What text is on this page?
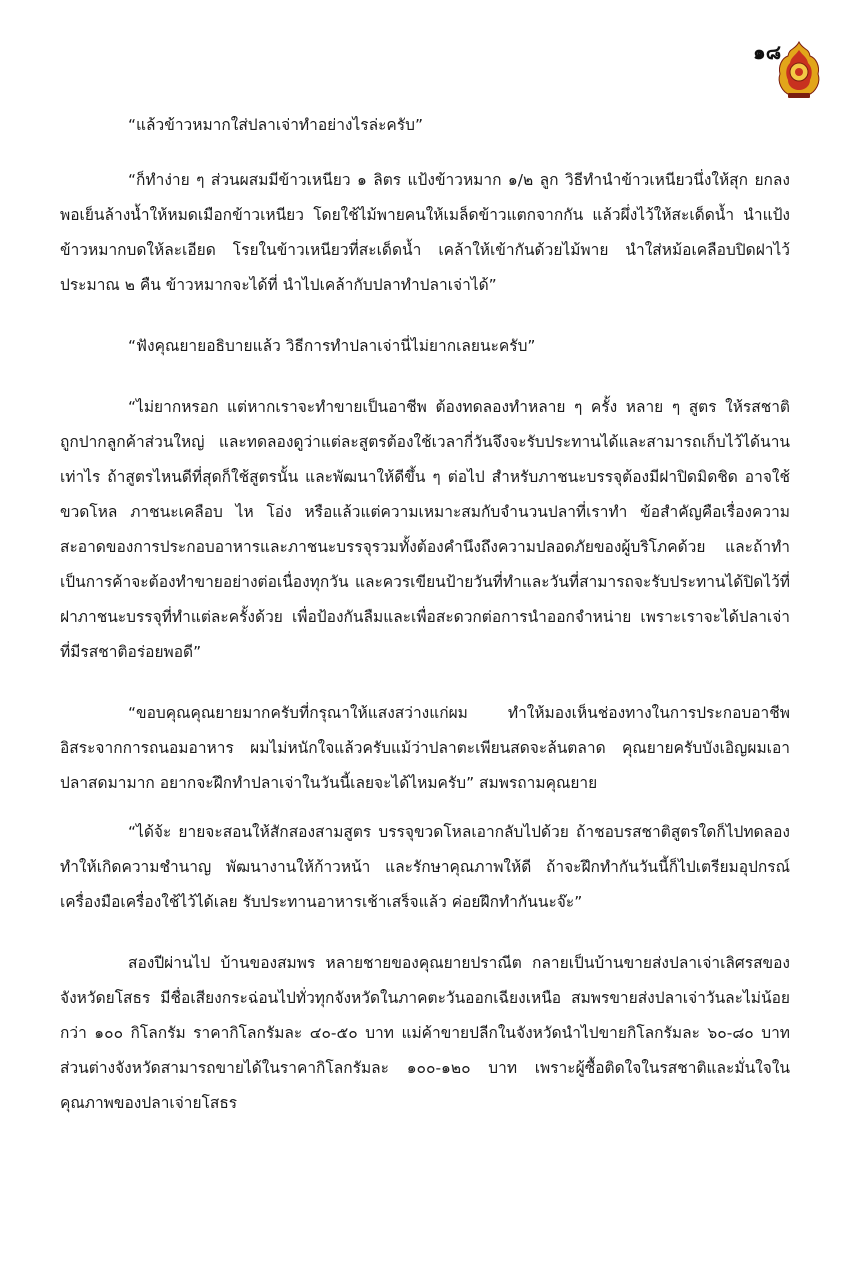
๑๘

“แล้วข้าวหมากใส่ปลาเจ่าทำอย่างไรล่ะครับ”

“ก็ทำง่าย ๆ ส่วนผสมมีข้าวเหนียว ๑ ลิตร แป้งข้าวหมาก ๑/๒ ลูก วิธีทำนำข้าวเหนียวนึ่งให้สุก ยกลง พอเย็นล้างน้ำให้หมดเมือกข้าวเหนียว โดยใช้ไม้พายคนให้เมล็ดข้าวแตกจากกัน แล้วผึ่งไว้ให้สะเด็ดน้ำ นำแป้งข้าวหมากบดให้ละเอียด โรยในข้าวเหนียวที่สะเด็ดน้ำ เคล้าให้เข้ากันด้วยไม้พาย นำใส่หม้อเคลือบปิดฝาไว้ประมาณ ๒ คืน ข้าวหมากจะได้ที่ นำไปเคล้ากับปลาทำปลาเจ่าได้”

“ฟังคุณยายอธิบายแล้ว วิธีการทำปลาเจ่านี่ไม่ยากเลยนะครับ”

“ไม่ยากหรอก แต่หากเราจะทำขายเป็นอาชีพ ต้องทดลองทำหลาย ๆ ครั้ง หลาย ๆ สูตร ให้รสชาติถูกปากลูกค้าส่วนใหญ่ และทดลองดูว่าแต่ละสูตรต้องใช้เวลากี่วันจึงจะรับประทานได้และสามารถเก็บไว้ได้นานเท่าไร ถ้าสูตรไหนดีที่สุดก็ใช้สูตรนั้น และพัฒนาให้ดีขึ้น ๆ ต่อไป สำหรับภาชนะบรรจุต้องมีฝาปิดมิดชิด อาจใช้ขวดโหล ภาชนะเคลือบ ไห โอ่ง หรือแล้วแต่ความเหมาะสมกับจำนวนปลาที่เราทำ ข้อสำคัญคือเรื่องความสะอาดของการประกอบอาหารและภาชนะบรรจุรวมทั้งต้องคำนึงถึงความปลอดภัยของผู้บริโภคด้วย และถ้าทำเป็นการค้าจะต้องทำขายอย่างต่อเนื่องทุกวัน และควรเขียนป้ายวันที่ทำและวันที่สามารถจะรับประทานได้ปิดไว้ที่ฝาภาชนะบรรจุที่ทำแต่ละครั้งด้วย เพื่อป้องกันลืมและเพื่อสะดวกต่อการนำออกจำหน่าย เพราะเราจะได้ปลาเจ่าที่มีรสชาติอร่อยพอดี”

“ขอบคุณคุณยายมากครับที่กรุณาให้แสงสว่างแก่ผม ทำให้มองเห็นช่องทางในการประกอบอาชีพอิสระจากการถนอมอาหาร ผมไม่หนักใจแล้วครับแม้ว่าปลาตะเพียนสดจะล้นตลาด คุณยายครับบังเอิญผมเอาปลาสดมามาก อยากจะฝึกทำปลาเจ่าในวันนี้เลยจะได้ไหมครับ” สมพรถามคุณยาย

“ได้จ้ะ ยายจะสอนให้สักสองสามสูตร บรรจุขวดโหลเอากลับไปด้วย ถ้าชอบรสชาติสูตรใดก็ไปทดลองทำให้เกิดความชำนาญ พัฒนางานให้ก้าวหน้า และรักษาคุณภาพให้ดี ถ้าจะฝึกทำกันวันนี้ก็ไปเตรียมอุปกรณ์เครื่องมือเครื่องใช้ไว้ได้เลย รับประทานอาหารเช้าเสร็จแล้ว ค่อยฝึกทำกันนะจ๊ะ”

สองปีผ่านไป บ้านของสมพร หลายชายของคุณยายปราณีต กลายเป็นบ้านขายส่งปลาเจ่าเลิศรสของจังหวัดยโสธร มีชื่อเสียงกระฉ่อนไปทั่วทุกจังหวัดในภาคตะวันออกเฉียงเหนือ สมพรขายส่งปลาเจ่าวันละไม่น้อยกว่า ๑๐๐ กิโลกรัม ราคากิโลกรัมละ ๔๐-๕๐ บาท แม่ค้าขายปลีกในจังหวัดนำไปขายกิโลกรัมละ ๖๐-๘๐ บาท ส่วนต่างจังหวัดสามารถขายได้ในราคากิโลกรัมละ ๑๐๐-๑๒๐ บาท เพราะผู้ซื้อติดใจในรสชาติและมั่นใจในคุณภาพของปลาเจ่ายโสธร
